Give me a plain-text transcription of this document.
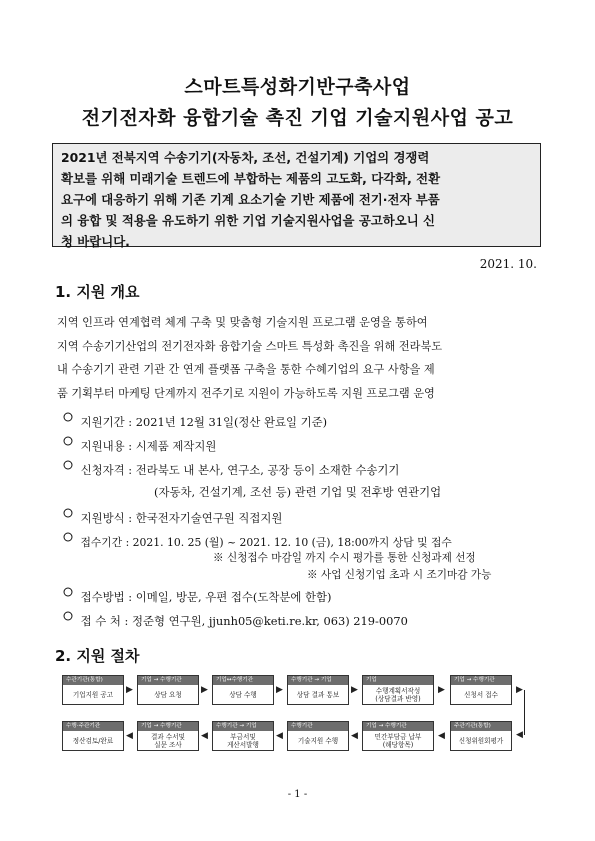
스마트특성화기반구축사업
전기전자화 융합기술 촉진 기업 기술지원사업 공고
2021년 전북지역 수송기기(자동차, 조선, 건설기계) 기업의 경쟁력
확보를 위해 미래기술 트렌드에 부합하는 제품의 고도화, 다각화, 전환
요구에 대응하기 위해 기존 기계 요소기술 기반 제품에 전기·전자 부품
의 융합 및 적용을 유도하기 위한 기업 기술지원사업을 공고하오니 신
청 바랍니다.
2021. 10.
1. 지원 개요
지역 인프라 연계협력 체계 구축 및 맞춤형 기술지원 프로그램 운영을 통하여
지역 수송기기산업의 전기전자화 융합기술 스마트 특성화 촉진을 위해 전라북도
내 수송기기 관련 기관 간 연계 플랫폼 구축을 통한 수혜기업의 요구 사항을 제
품 기획부터 마케팅 단계까지 전주기로 지원이 가능하도록 지원 프로그램 운영
지원기간 : 2021년 12월 31일(정산 완료일 기준)
지원내용 : 시제품 제작지원
신청자격 : 전라북도 내 본사, 연구소, 공장 등이 소재한 수송기기
(자동차, 건설기계, 조선 등) 관련 기업 및 전후방 연관기업
지원방식 : 한국전자기술연구원 직접지원
접수기간 : 2021. 10. 25 (월) ~ 2021. 12. 10 (금), 18:00까지 상담 및 접수
※ 신청접수 마감일 까지 수시 평가를 통한 신청과제 선정
※ 사업 신청기업 초과 시 조기마감 가능
접수방법 : 이메일, 방문, 우편 접수(도착분에 한함)
접 수 처 : 정준형 연구원, jjunh05@keti.re.kr, 063) 219-0070
2. 지원 절차
수관기관(통합)
기업지원 공고	▶
기업 → 수행기관
상담 요청	▶
기업↔수행기관
상담 수행	▶
수행기관 → 기업
상담 결과 통보	▶
기업
수행계획서작성
(상담결과 반영)
▶
기업 → 수행기관
신청서 접수	▶
◀
수행·주관기관
정산검토/완료	◀
기업 → 수행기관
결과 수서및
실문 조사
◀
수행기관 → 기업
부금서및
게산서발행
◀
수행기관
기술지원 수행	◀
기업 → 수행기관
민간부담금 납부
(해당항목)
◀
주관기관(통합)
신청위원회평가
- 1 -
